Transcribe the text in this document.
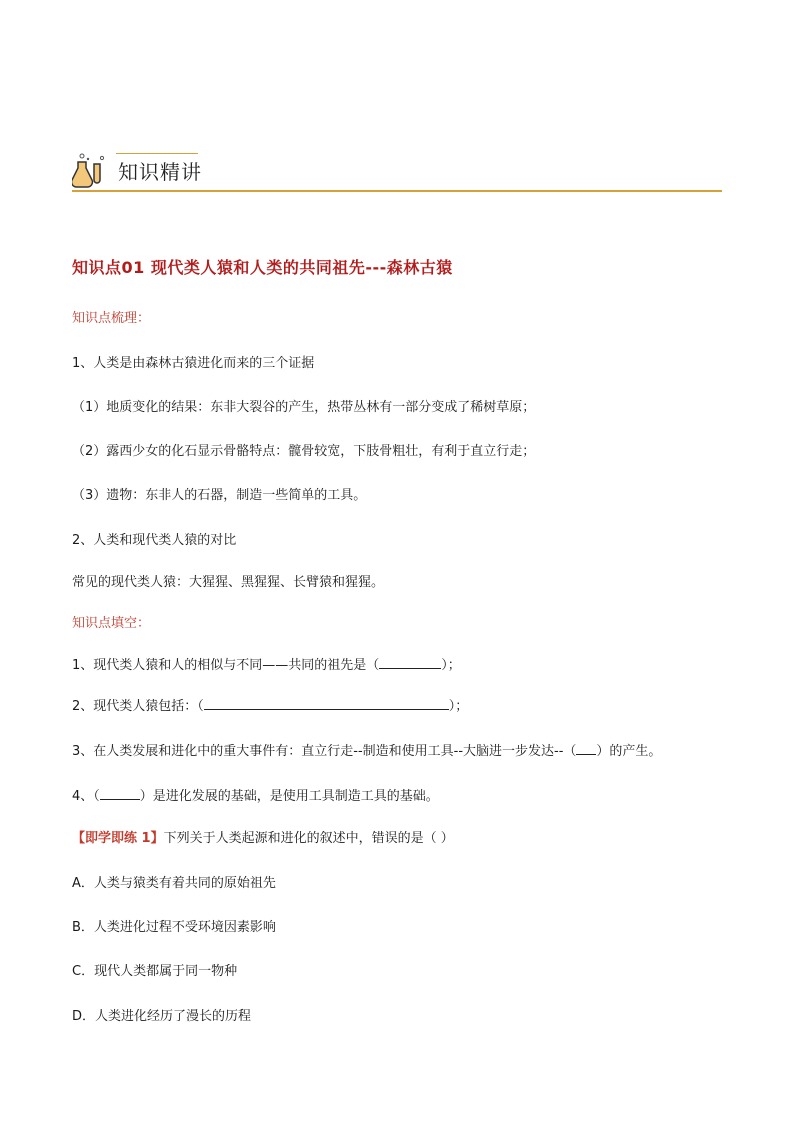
知识精讲
知识点01 现代类人猿和人类的共同祖先---森林古猿
知识点梳理：
1、人类是由森林古猿进化而来的三个证据
（1）地质变化的结果：东非大裂谷的产生，热带丛林有一部分变成了稀树草原；
（2）露西少女的化石显示骨骼特点：髋骨较宽，下肢骨粗壮，有利于直立行走；
（3）遗物：东非人的石器，制造一些简单的工具。
2、人类和现代类人猿的对比
常见的现代类人猿：大猩猩、黑猩猩、长臂猿和猩猩。
知识点填空：
1、现代类人猿和人的相似与不同——共同的祖先是（	）；
2、现代类人猿包括：（	）；
3、在人类发展和进化中的重大事件有：直立行走--制造和使用工具--大脑进一步发达--（ ）的产生。
4、（	）是进化发展的基础，是使用工具制造工具的基础。
【即学即练 1】下列关于人类起源和进化的叙述中，错误的是（ ）
A．人类与猿类有着共同的原始祖先
B．人类进化过程不受环境因素影响
C．现代人类都属于同一物种
D．人类进化经历了漫长的历程
